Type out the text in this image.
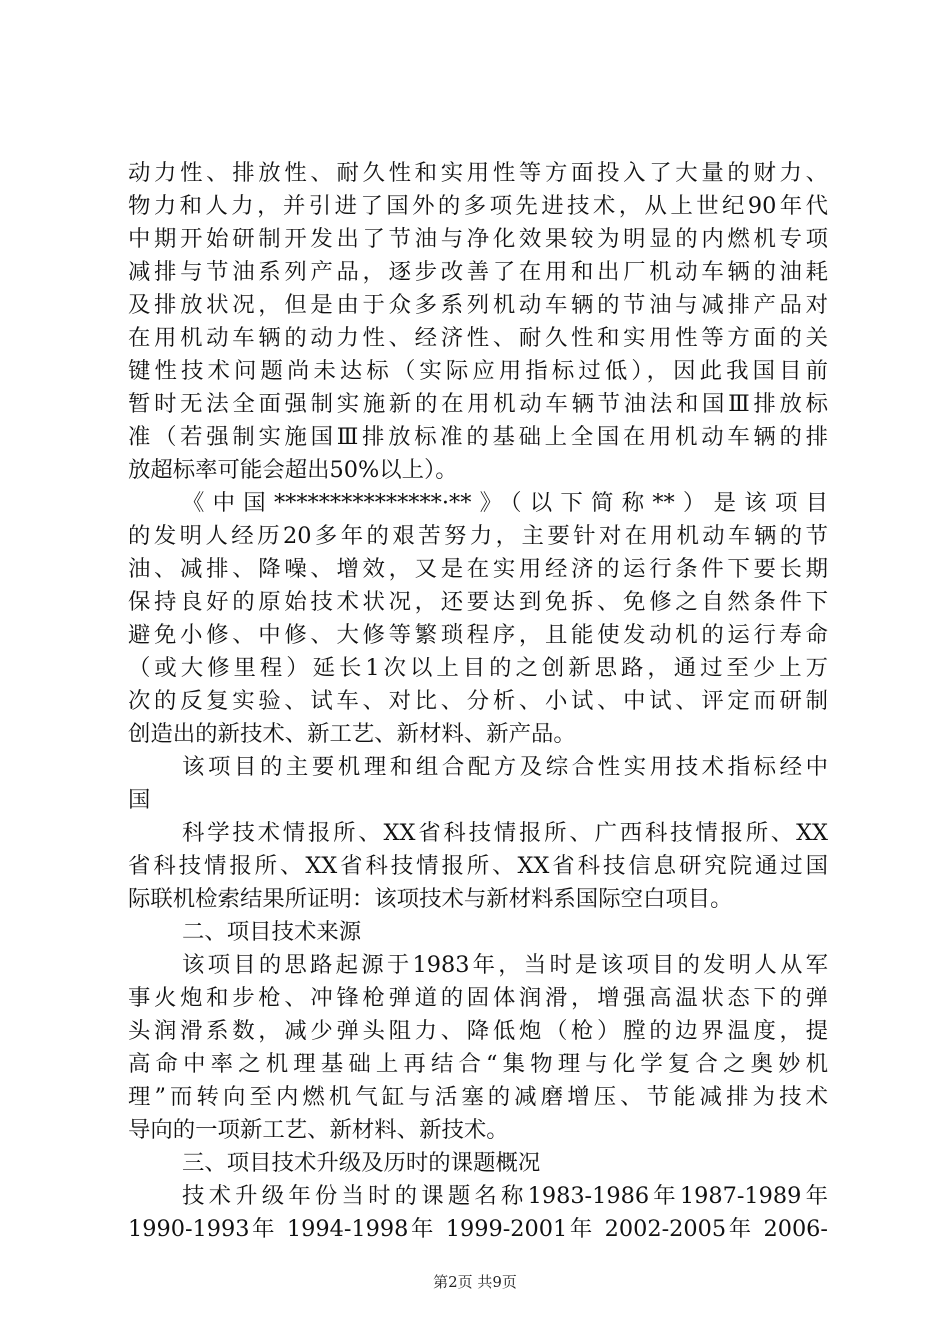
动力性、排放性、耐久性和实用性等方面投入了大量的财力、
物力和人力，并引进了国外的多项先进技术，从上世纪90年代
中期开始研制开发出了节油与净化效果较为明显的内燃机专项
减排与节油系列产品，逐步改善了在用和出厂机动车辆的油耗
及排放状况，但是由于众多系列机动车辆的节油与减排产品对
在用机动车辆的动力性、经济性、耐久性和实用性等方面的关
键性技术问题尚未达标（实际应用指标过低），因此我国目前
暂时无法全面强制实施新的在用机动车辆节油法和国Ⅲ排放标
准（若强制实施国Ⅲ排放标准的基础上全国在用机动车辆的排
放超标率可能会超出50%以上）。
《中国***************·**》（以下简称**）是该项目
的发明人经历20多年的艰苦努力，主要针对在用机动车辆的节
油、减排、降噪、增效，又是在实用经济的运行条件下要长期
保持良好的原始技术状况，还要达到免拆、免修之自然条件下
避免小修、中修、大修等繁琐程序，且能使发动机的运行寿命
（或大修里程）延长1次以上目的之创新思路，通过至少上万
次的反复实验、试车、对比、分析、小试、中试、评定而研制
创造出的新技术、新工艺、新材料、新产品。
该项目的主要机理和组合配方及综合性实用技术指标经中
国
科学技术情报所、XX省科技情报所、广西科技情报所、XX
省科技情报所、XX省科技情报所、XX省科技信息研究院通过国
际联机检索结果所证明：该项技术与新材料系国际空白项目。
二、项目技术来源
该项目的思路起源于1983年，当时是该项目的发明人从军
事火炮和步枪、冲锋枪弹道的固体润滑，增强高温状态下的弹
头润滑系数，减少弹头阻力、降低炮（枪）膛的边界温度，提
高命中率之机理基础上再结合“集物理与化学复合之奥妙机
理”而转向至内燃机气缸与活塞的减磨增压、节能减排为技术
导向的一项新工艺、新材料、新技术。
三、项目技术升级及历时的课题概况
技术升级年份当时的课题名称1983-1986年1987-1989年
1990-1993年 1994-1998年 1999-2001年 2002-2005年 2006-
第2页 共9页
